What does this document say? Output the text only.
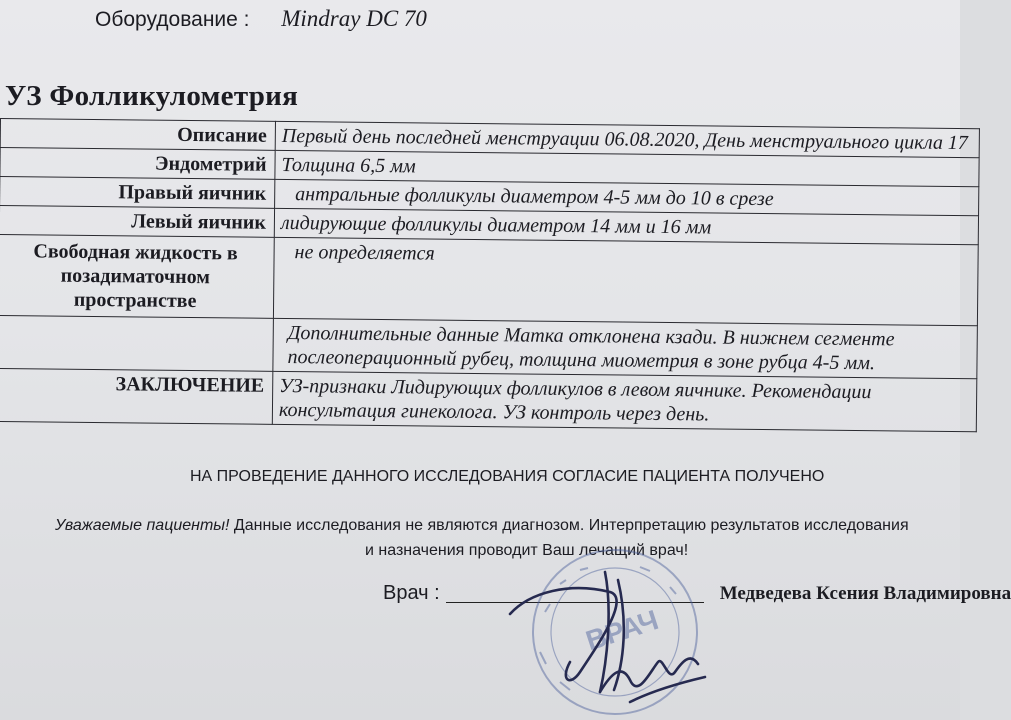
Оборудование : Mindray DC 70
УЗ Фолликулометрия
Описание	Первый день последней менструации 06.08.2020, День менструального цикла 17
Эндометрий	Толщина 6,5 мм
Правый яичник	антральные фолликулы диаметром 4-5 мм до 10 в срезе
Левый яичник	лидирующие фолликулы диаметром 14 мм и 16 мм
Свободная жидкость в позадиматочном пространстве	не определяется
	Дополнительные данные Матка отклонена кзади. В нижнем сегменте послеоперационный рубец, толщина миометрия в зоне рубца 4-5 мм.
ЗАКЛЮЧЕНИЕ	УЗ-признаки Лидирующих фолликулов в левом яичнике. Рекомендации консультация гинеколога. УЗ контроль через день.
НА ПРОВЕДЕНИЕ ДАННОГО ИССЛЕДОВАНИЯ СОГЛАСИЕ ПАЦИЕНТА ПОЛУЧЕНО
Уважаемые пациенты! Данные исследования не являются диагнозом. Интерпретацию результатов исследования
и назначения проводит Ваш лечащий врач!
Врач :	Медведева Ксения Владимировна
ВРАЧ
